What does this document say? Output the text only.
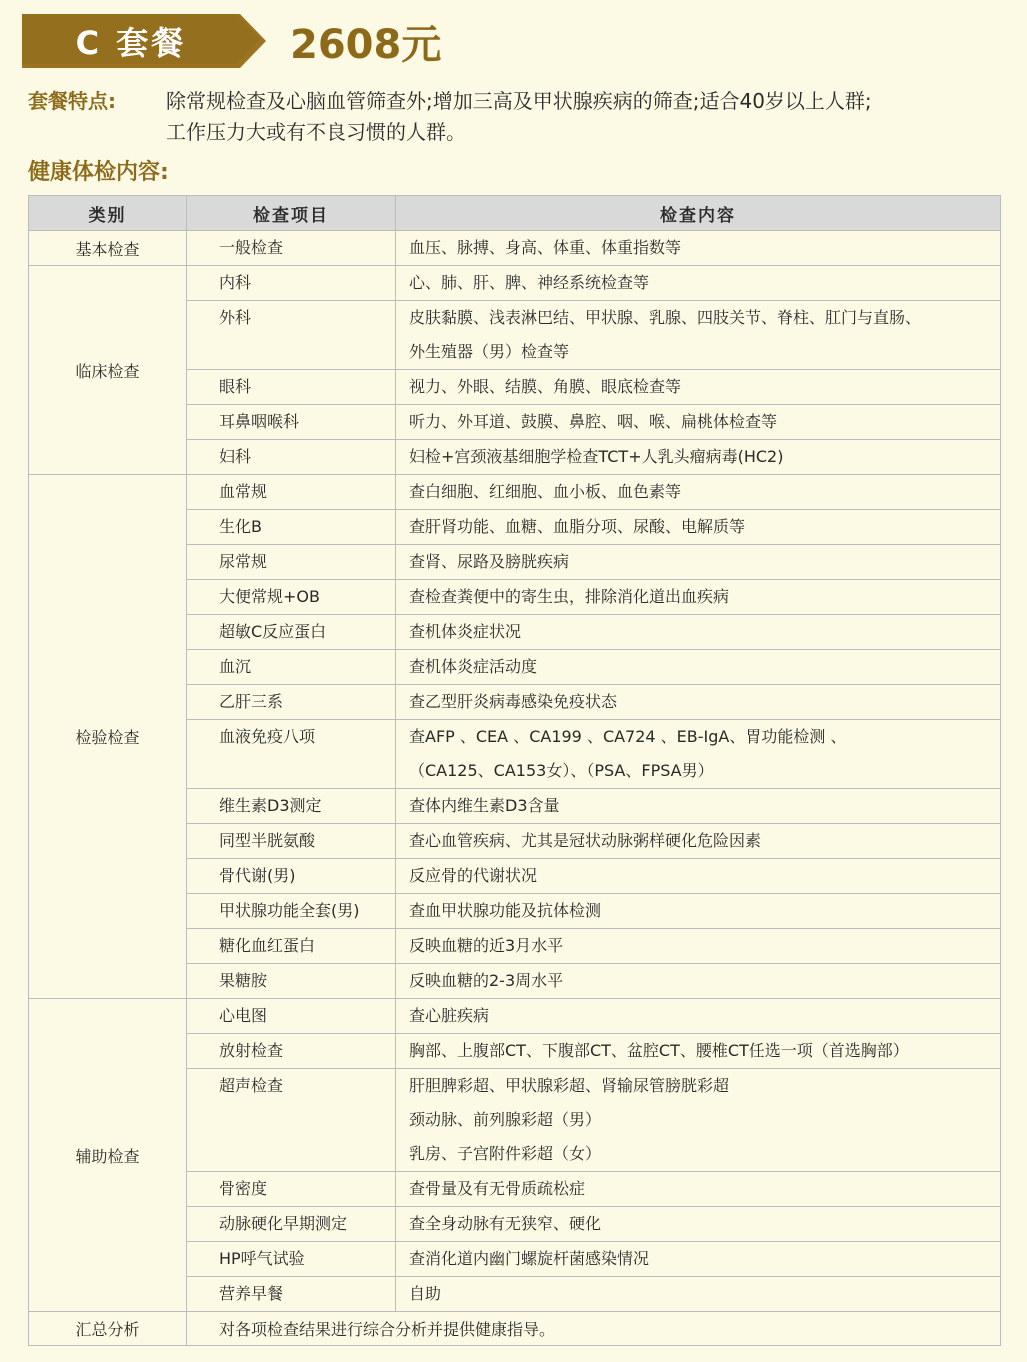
C 套餐	2608元
套餐特点:	除常规检查及心脑血管筛查外;增加三高及甲状腺疾病的筛查;适合40岁以上人群;
工作压力大或有不良习惯的人群。
健康体检内容:
类别	检查项目	检查内容
基本检查	一般检查	血压、脉搏、身高、体重、体重指数等

临床检查	内科	心、肺、肝、脾、神经系统检查等

	外科	皮肤黏膜、浅表淋巴结、甲状腺、乳腺、四肢关节、脊柱、肛门与直肠、
外生殖器（男）检查等

	眼科	视力、外眼、结膜、角膜、眼底检查等

	耳鼻咽喉科	听力、外耳道、鼓膜、鼻腔、咽、喉、扁桃体检查等

	妇科	妇检+宫颈液基细胞学检查TCT+人乳头瘤病毒(HC2)

检验检查	血常规	查白细胞、红细胞、血小板、血色素等

	生化B	查肝肾功能、血糖、血脂分项、尿酸、电解质等

	尿常规	查肾、尿路及膀胱疾病

	大便常规+OB	查检查粪便中的寄生虫，排除消化道出血疾病

	超敏C反应蛋白	查机体炎症状况

	血沉	查机体炎症活动度

	乙肝三系	查乙型肝炎病毒感染免疫状态

	血液免疫八项	查AFP 、CEA 、CA199 、CA724 、EB-IgA、胃功能检测 、
（CA125、CA153女）、（PSA、FPSA男）

	维生素D3测定	查体内维生素D3含量

	同型半胱氨酸	查心血管疾病、尤其是冠状动脉粥样硬化危险因素

	骨代谢(男)	反应骨的代谢状况

	甲状腺功能全套(男)	查血甲状腺功能及抗体检测

	糖化血红蛋白	反映血糖的近3月水平

	果糖胺	反映血糖的2-3周水平

辅助检查	心电图	查心脏疾病

	放射检查	胸部、上腹部CT、下腹部CT、盆腔CT、腰椎CT任选一项（首选胸部）

	超声检查	肝胆脾彩超、甲状腺彩超、肾输尿管膀胱彩超
颈动脉、前列腺彩超（男）
乳房、子宫附件彩超（女）

	骨密度	查骨量及有无骨质疏松症

	动脉硬化早期测定	查全身动脉有无狭窄、硬化

	HP呼气试验	查消化道内幽门螺旋杆菌感染情况

	营养早餐	自助

汇总分析	对各项检查结果进行综合分析并提供健康指导。	
